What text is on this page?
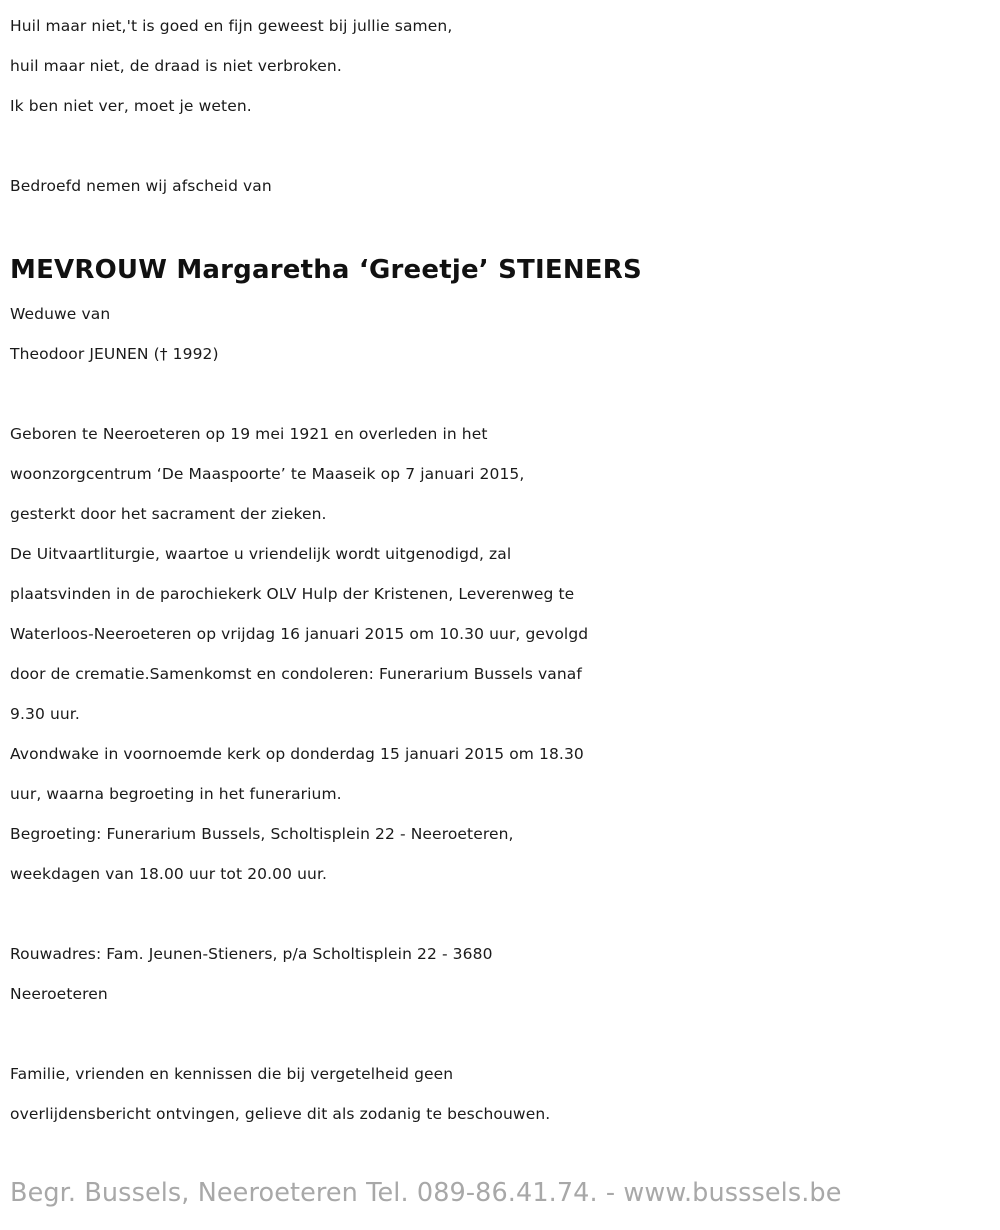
Huil maar niet,'t is goed en fijn geweest bij jullie samen,
huil maar niet, de draad is niet verbroken.
Ik ben niet ver, moet je weten.
Bedroefd nemen wij afscheid van
MEVROUW Margaretha ‘Greetje’ STIENERS
Weduwe van
Theodoor JEUNEN († 1992)
Geboren te Neeroeteren op 19 mei 1921 en overleden in het
woonzorgcentrum ‘De Maaspoorte’ te Maaseik op 7 januari 2015,
gesterkt door het sacrament der zieken.
De Uitvaartliturgie, waartoe u vriendelijk wordt uitgenodigd, zal
plaatsvinden in de parochiekerk OLV Hulp der Kristenen, Leverenweg te
Waterloos-Neeroeteren op vrijdag 16 januari 2015 om 10.30 uur, gevolgd
door de crematie.Samenkomst en condoleren: Funerarium Bussels vanaf
9.30 uur.
Avondwake in voornoemde kerk op donderdag 15 januari 2015 om 18.30
uur, waarna begroeting in het funerarium.
Begroeting: Funerarium Bussels, Scholtisplein 22 - Neeroeteren,
weekdagen van 18.00 uur tot 20.00 uur.
Rouwadres: Fam. Jeunen-Stieners, p/a Scholtisplein 22 - 3680
Neeroeteren
Familie, vrienden en kennissen die bij vergetelheid geen
overlijdensbericht ontvingen, gelieve dit als zodanig te beschouwen.
Begr. Bussels, Neeroeteren Tel. 089-86.41.74. - www.busssels.be
